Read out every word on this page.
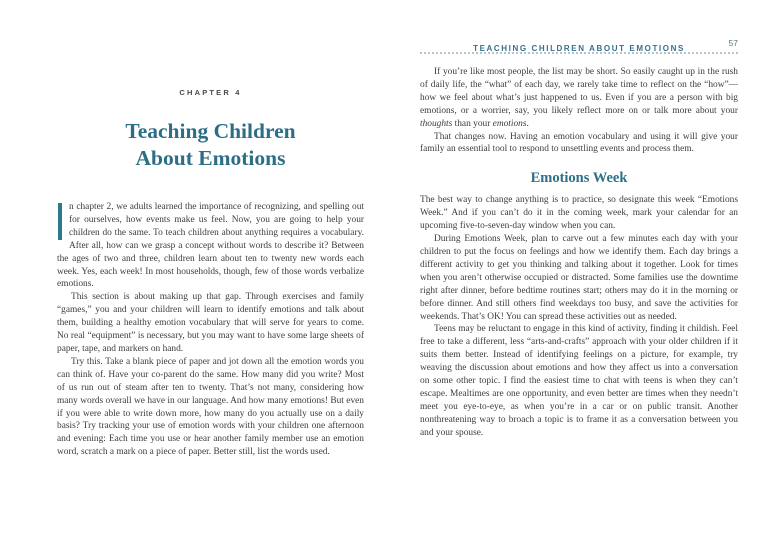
CHAPTER 4
Teaching Children
About Emotions

n chapter 2, we adults learned the importance of recognizing, and spelling out for ourselves, how events make us feel. Now, you are going to help your children do the same. To teach children about anything requires a vocabulary. After all, how can we grasp a concept without words to describe it? Between the ages of two and three, children learn about ten to twenty new words each week. Yes, each week! In most households, though, few of those words verbalize emotions.

This section is about making up that gap. Through exercises and family “games,” you and your children will learn to identify emotions and talk about them, building a healthy emotion vocabulary that will serve for years to come. No real “equipment” is necessary, but you may want to have some large sheets of paper, tape, and markers on hand.

Try this. Take a blank piece of paper and jot down all the emotion words you can think of. Have your co-parent do the same. How many did you write? Most of us run out of steam after ten to twenty. That’s not many, considering how many words overall we have in our language. And how many emotions! But even if you were able to write down more, how many do you actually use on a daily basis? Try tracking your use of emotion words with your children one afternoon and evening: Each time you use or hear another family member use an emotion word, scratch a mark on a piece of paper. Better still, list the words used.

TEACHING CHILDREN ABOUT EMOTIONS
57

If you’re like most people, the list may be short. So easily caught up in the rush of daily life, the “what” of each day, we rarely take time to reflect on the “how”—how we feel about what’s just happened to us. Even if you are a person with big emotions, or a worrier, say, you likely reflect more on or talk more about your thoughts than your emotions.

That changes now. Having an emotion vocabulary and using it will give your family an essential tool to respond to unsettling events and process them.

Emotions Week

The best way to change anything is to practice, so designate this week “Emotions Week.” And if you can’t do it in the coming week, mark your calendar for an upcoming five-to-seven-day window when you can.

During Emotions Week, plan to carve out a few minutes each day with your children to put the focus on feelings and how we identify them. Each day brings a different activity to get you thinking and talking about it together. Look for times when you aren’t otherwise occupied or distracted. Some families use the downtime right after dinner, before bedtime routines start; others may do it in the morning or before dinner. And still others find weekdays too busy, and save the activities for weekends. That’s OK! You can spread these activities out as needed.

Teens may be reluctant to engage in this kind of activity, finding it childish. Feel free to take a different, less “arts-and-crafts” approach with your older children if it suits them better. Instead of identifying feelings on a picture, for example, try weaving the discussion about emotions and how they affect us into a conversation on some other topic. I find the easiest time to chat with teens is when they can’t escape. Mealtimes are one opportunity, and even better are times when they needn’t meet you eye-to-eye, as when you’re in a car or on public transit. Another nonthreatening way to broach a topic is to frame it as a conversation between you and your spouse.
